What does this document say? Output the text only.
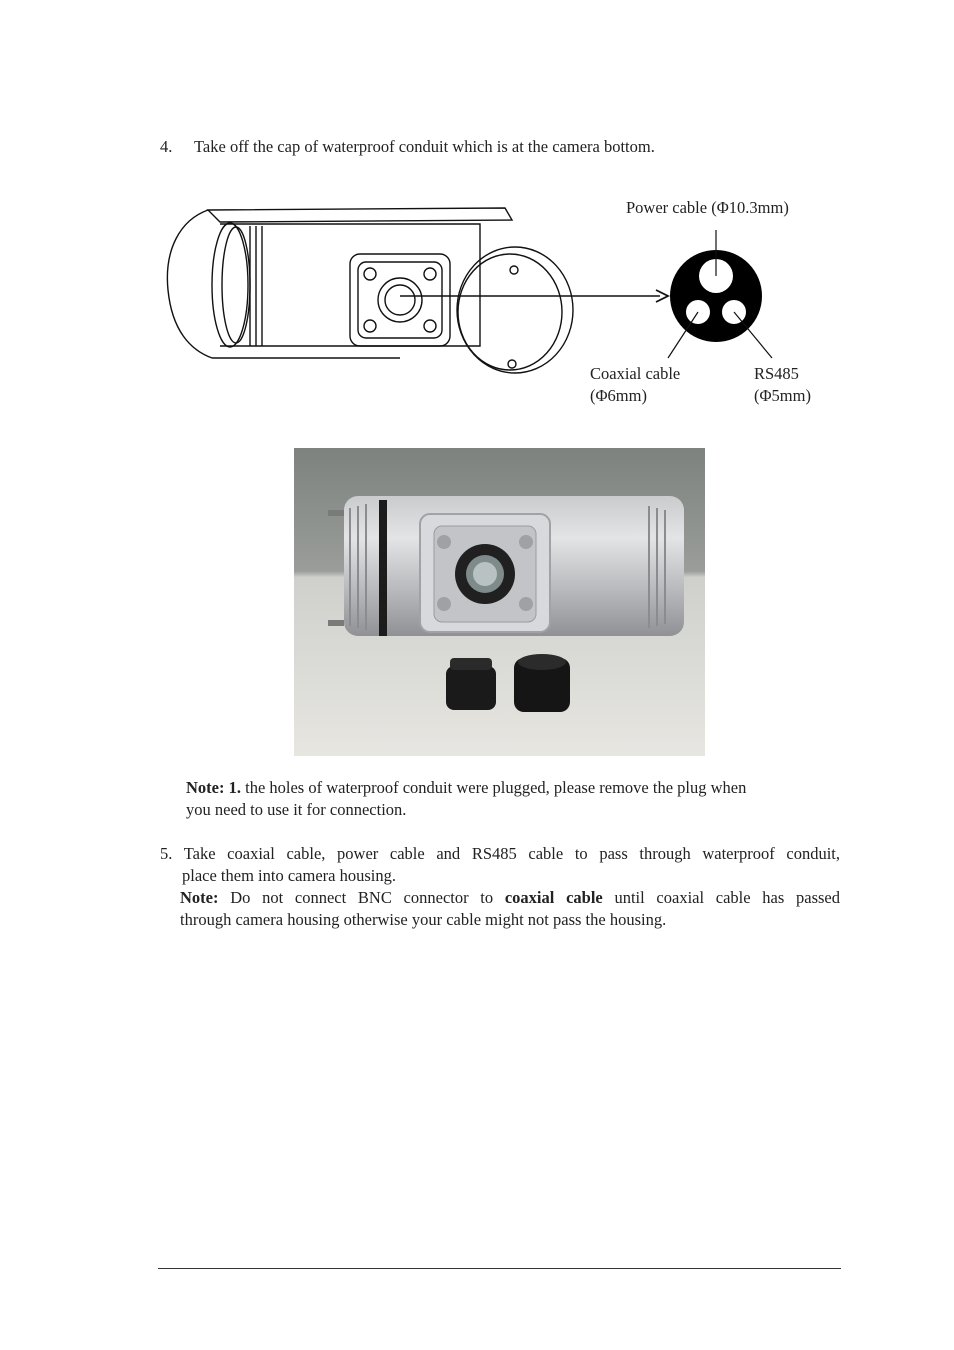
4. Take off the cap of waterproof conduit which is at the camera bottom.
Power cable (Φ10.3mm)
Coaxial cable
(Φ6mm)
RS485
(Φ5mm)
Note: 1. the holes of waterproof conduit were plugged, please remove the plug when
you need to use it for connection.
5. Take coaxial cable, power cable and RS485 cable to pass through waterproof conduit,
place them into camera housing.
Note: Do not connect BNC connector to coaxial cable until coaxial cable has passed
through camera housing otherwise your cable might not pass the housing.
